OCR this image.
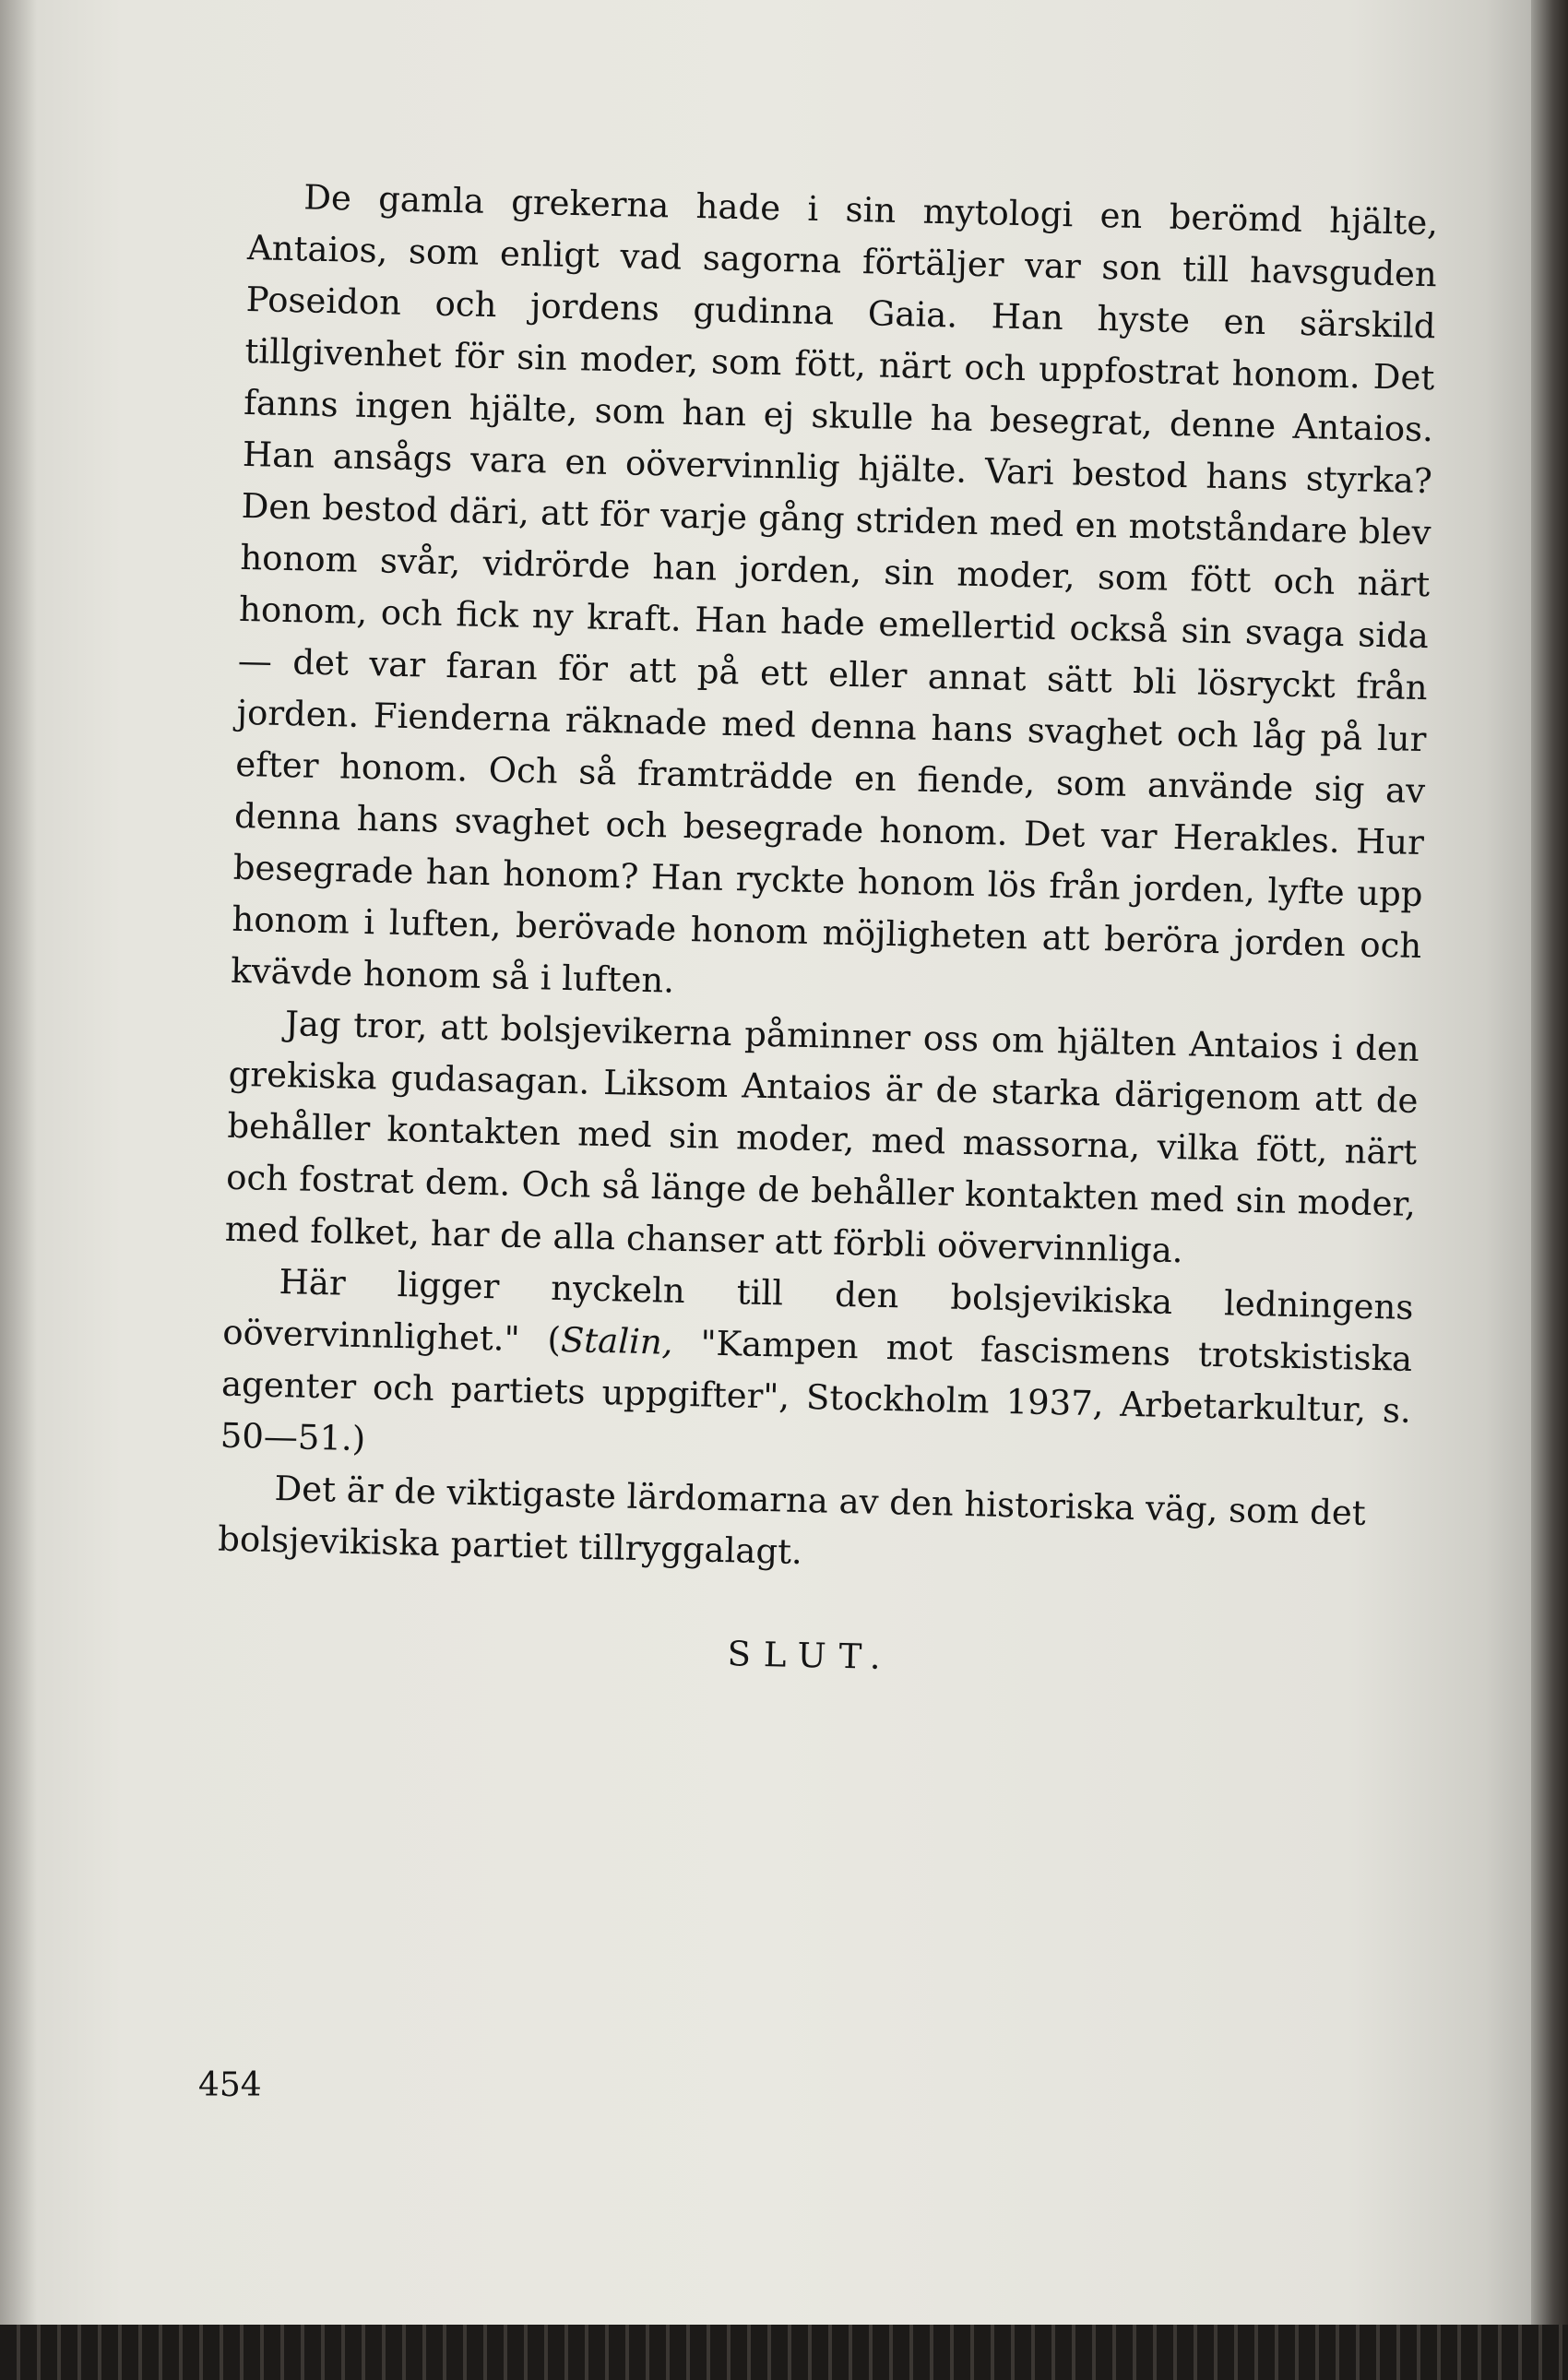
De gamla grekerna hade i sin mytologi en berömd hjälte, Antaios, som enligt vad sagorna förtäljer var son till havsguden Poseidon och jordens gudinna Gaia. Han hyste en särskild tillgivenhet för sin moder, som fött, närt och uppfostrat honom. Det fanns ingen hjälte, som han ej skulle ha besegrat, denne Antaios. Han ansågs vara en oövervinnlig hjälte. Vari bestod hans styrka? Den bestod däri, att för varje gång striden med en motståndare blev honom svår, vidrörde han jorden, sin moder, som fött och närt honom, och fick ny kraft. Han hade emellertid också sin svaga sida — det var faran för att på ett eller annat sätt bli lösryckt från jorden. Fienderna räknade med denna hans svaghet och låg på lur efter honom. Och så framträdde en fiende, som använde sig av denna hans svaghet och besegrade honom. Det var Herakles. Hur besegrade han honom? Han ryckte honom lös från jorden, lyfte upp honom i luften, berövade honom möjligheten att beröra jorden och kvävde honom så i luften.

Jag tror, att bolsjevikerna påminner oss om hjälten Antaios i den grekiska gudasagan. Liksom Antaios är de starka därigenom att de behåller kontakten med sin moder, med massorna, vilka fött, närt och fostrat dem. Och så länge de behåller kontakten med sin moder, med folket, har de alla chanser att förbli oövervinnliga.

Här ligger nyckeln till den bolsjevikiska ledningens oövervinnlighet." (Stalin, "Kampen mot fascismens trotskistiska agenter och partiets uppgifter", Stockholm 1937, Arbetarkultur, s. 50—51.)

Det är de viktigaste lärdomarna av den historiska väg, som det bolsjevikiska partiet tillryggalagt.

SLUT.

454
